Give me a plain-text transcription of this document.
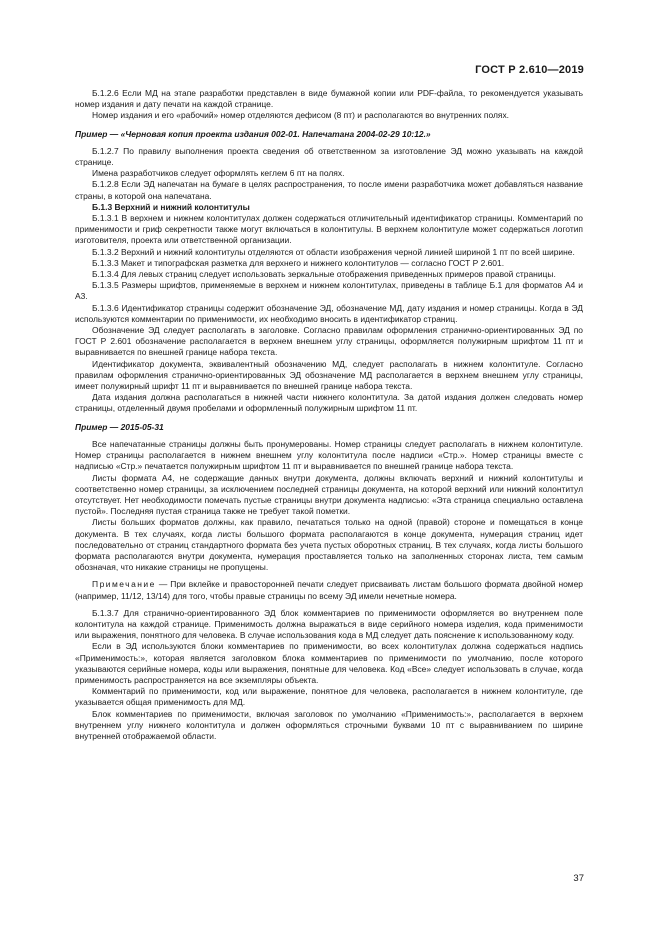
ГОСТ Р 2.610—2019

Б.1.2.6 Если МД на этапе разработки представлен в виде бумажной копии или PDF-файла, то рекомендуется указывать номер издания и дату печати на каждой странице.

Номер издания и его «рабочий» номер отделяются дефисом (8 пт) и располагаются во внутренних полях.

Пример — «Черновая копия проекта издания 002-01. Напечатана 2004-02-29 10:12.»

Б.1.2.7 По правилу выполнения проекта сведения об ответственном за изготовление ЭД можно указывать на каждой странице.

Имена разработчиков следует оформлять кеглем 6 пт на полях.

Б.1.2.8 Если ЭД напечатан на бумаге в целях распространения, то после имени разработчика может добавляться название страны, в которой она напечатана.

Б.1.3 Верхний и нижний колонтитулы

Б.1.3.1 В верхнем и нижнем колонтитулах должен содержаться отличительный идентификатор страницы. Комментарий по применимости и гриф секретности также могут включаться в колонтитулы. В верхнем колонтитуле может содержаться логотип изготовителя, проекта или ответственной организации.

Б.1.3.2 Верхний и нижний колонтитулы отделяются от области изображения черной линией шириной 1 пт по всей ширине.

Б.1.3.3 Макет и типографская разметка для верхнего и нижнего колонтитулов — согласно ГОСТ Р 2.601.

Б.1.3.4 Для левых страниц следует использовать зеркальные отображения приведенных примеров правой страницы.

Б.1.3.5 Размеры шрифтов, применяемые в верхнем и нижнем колонтитулах, приведены в таблице Б.1 для форматов А4 и А3.

Б.1.3.6 Идентификатор страницы содержит обозначение ЭД, обозначение МД, дату издания и номер страницы. Когда в ЭД используются комментарии по применимости, их необходимо вносить в идентификатор страниц.

Обозначение ЭД следует располагать в заголовке. Согласно правилам оформления странично-ориентированных ЭД по ГОСТ Р 2.601 обозначение располагается в верхнем внешнем углу страницы, оформляется полужирным шрифтом 11 пт и выравнивается по внешней границе набора текста.

Идентификатор документа, эквивалентный обозначению МД, следует располагать в нижнем колонтитуле. Согласно правилам оформления странично-ориентированных ЭД обозначение МД располагается в верхнем внешнем углу страницы, имеет полужирный шрифт 11 пт и выравнивается по внешней границе набора текста.

Дата издания должна располагаться в нижней части нижнего колонтитула. За датой издания должен следовать номер страницы, отделенный двумя пробелами и оформленный полужирным шрифтом 11 пт.

Пример — 2015-05-31

Все напечатанные страницы должны быть пронумерованы. Номер страницы следует располагать в нижнем колонтитуле. Номер страницы располагается в нижнем внешнем углу колонтитула после надписи «Стр.». Номер страницы вместе с надписью «Стр.» печатается полужирным шрифтом 11 пт и выравнивается по внешней границе набора текста.

Листы формата А4, не содержащие данных внутри документа, должны включать верхний и нижний колонтитулы и соответственно номер страницы, за исключением последней страницы документа, на которой верхний или нижний колонтитул отсутствует. Нет необходимости помечать пустые страницы внутри документа надписью: «Эта страница специально оставлена пустой». Последняя пустая страница также не требует такой пометки.

Листы больших форматов должны, как правило, печататься только на одной (правой) стороне и помещаться в конце документа. В тех случаях, когда листы большого формата располагаются в конце документа, нумерация страниц идет последовательно от страниц стандартного формата без учета пустых оборотных страниц. В тех случаях, когда листы большого формата располагаются внутри документа, нумерация проставляется только на заполненных сторонах листа, тем самым обозначая, что никакие страницы не пропущены.

Примечание — При вклейке и правосторонней печати следует присваивать листам большого формата двойной номер (например, 11/12, 13/14) для того, чтобы правые страницы по всему ЭД имели нечетные номера.

Б.1.3.7 Для странично-ориентированного ЭД блок комментариев по применимости оформляется во внутреннем поле колонтитула на каждой странице. Применимость должна выражаться в виде серийного номера изделия, кода применимости или выражения, понятного для человека. В случае использования кода в МД следует дать пояснение к использованному коду.

Если в ЭД используются блоки комментариев по применимости, во всех колонтитулах должна содержаться надпись «Применимость:», которая является заголовком блока комментариев по применимости по умолчанию, после которого указываются серийные номера, коды или выражения, понятные для человека. Код «Все» следует использовать в случае, когда применимость распространяется на все экземпляры объекта.

Комментарий по применимости, код или выражение, понятное для человека, располагается в нижнем колонтитуле, где указывается общая применимость для МД.

Блок комментариев по применимости, включая заголовок по умолчанию «Применимость:», располагается в верхнем внутреннем углу нижнего колонтитула и должен оформляться строчными буквами 10 пт с выравниванием по ширине внутренней отображаемой области.

37
